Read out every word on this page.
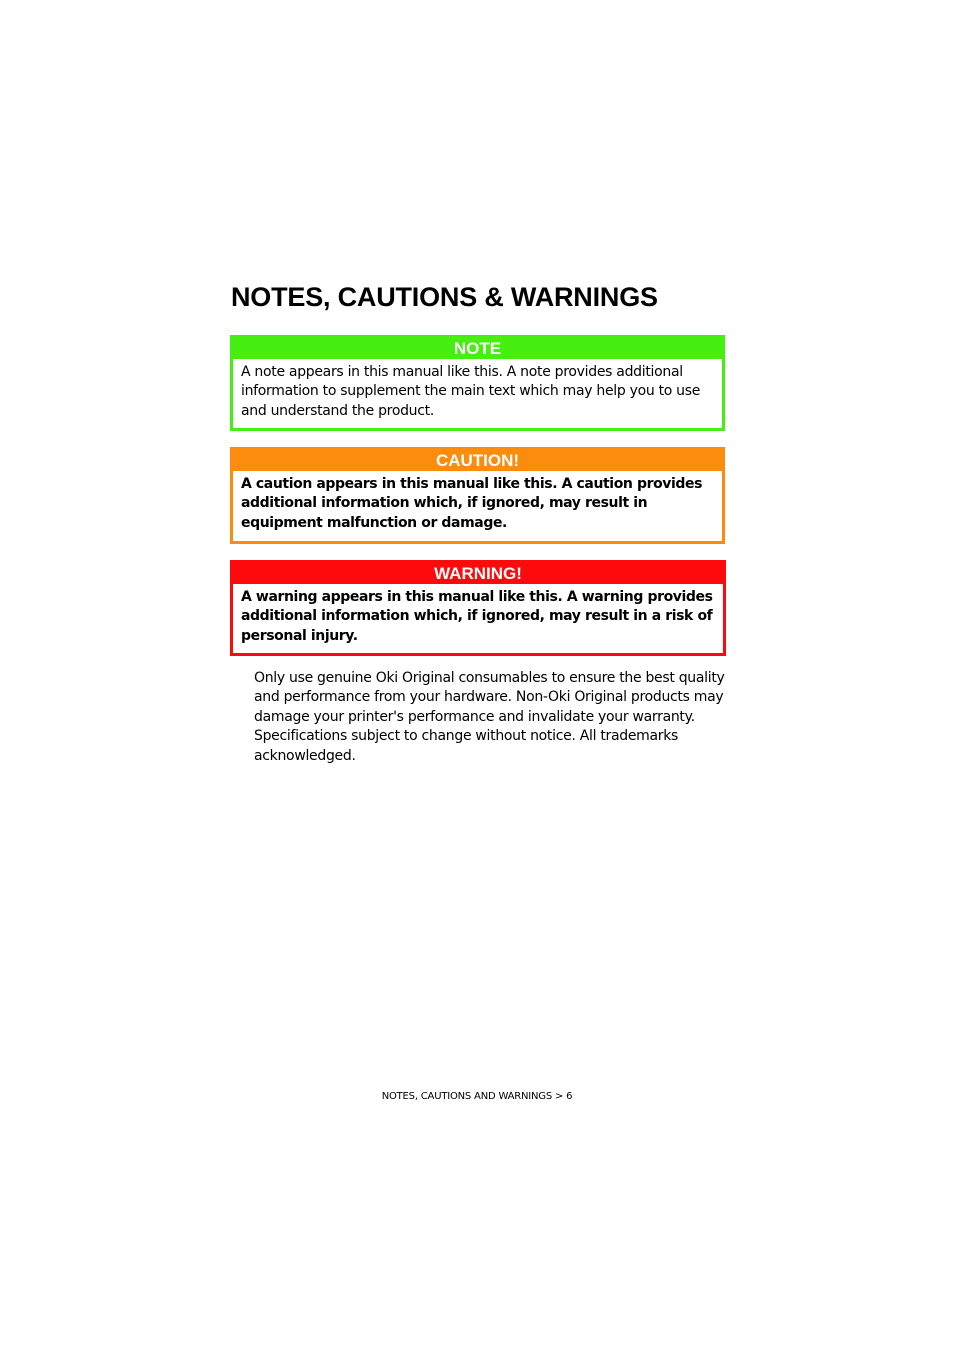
NOTES, CAUTIONS & WARNINGS
NOTE
A note appears in this manual like this. A note provides additional information to supplement the main text which may help you to use and understand the product.
CAUTION!
A caution appears in this manual like this. A caution provides additional information which, if ignored, may result in equipment malfunction or damage.
WARNING!
A warning appears in this manual like this. A warning provides additional information which, if ignored, may result in a risk of personal injury.

Only use genuine Oki Original consumables to ensure the best quality and performance from your hardware. Non-Oki Original products may damage your printer's performance and invalidate your warranty. Specifications subject to change without notice. All trademarks acknowledged.

NOTES, CAUTIONS AND WARNINGS > 6
